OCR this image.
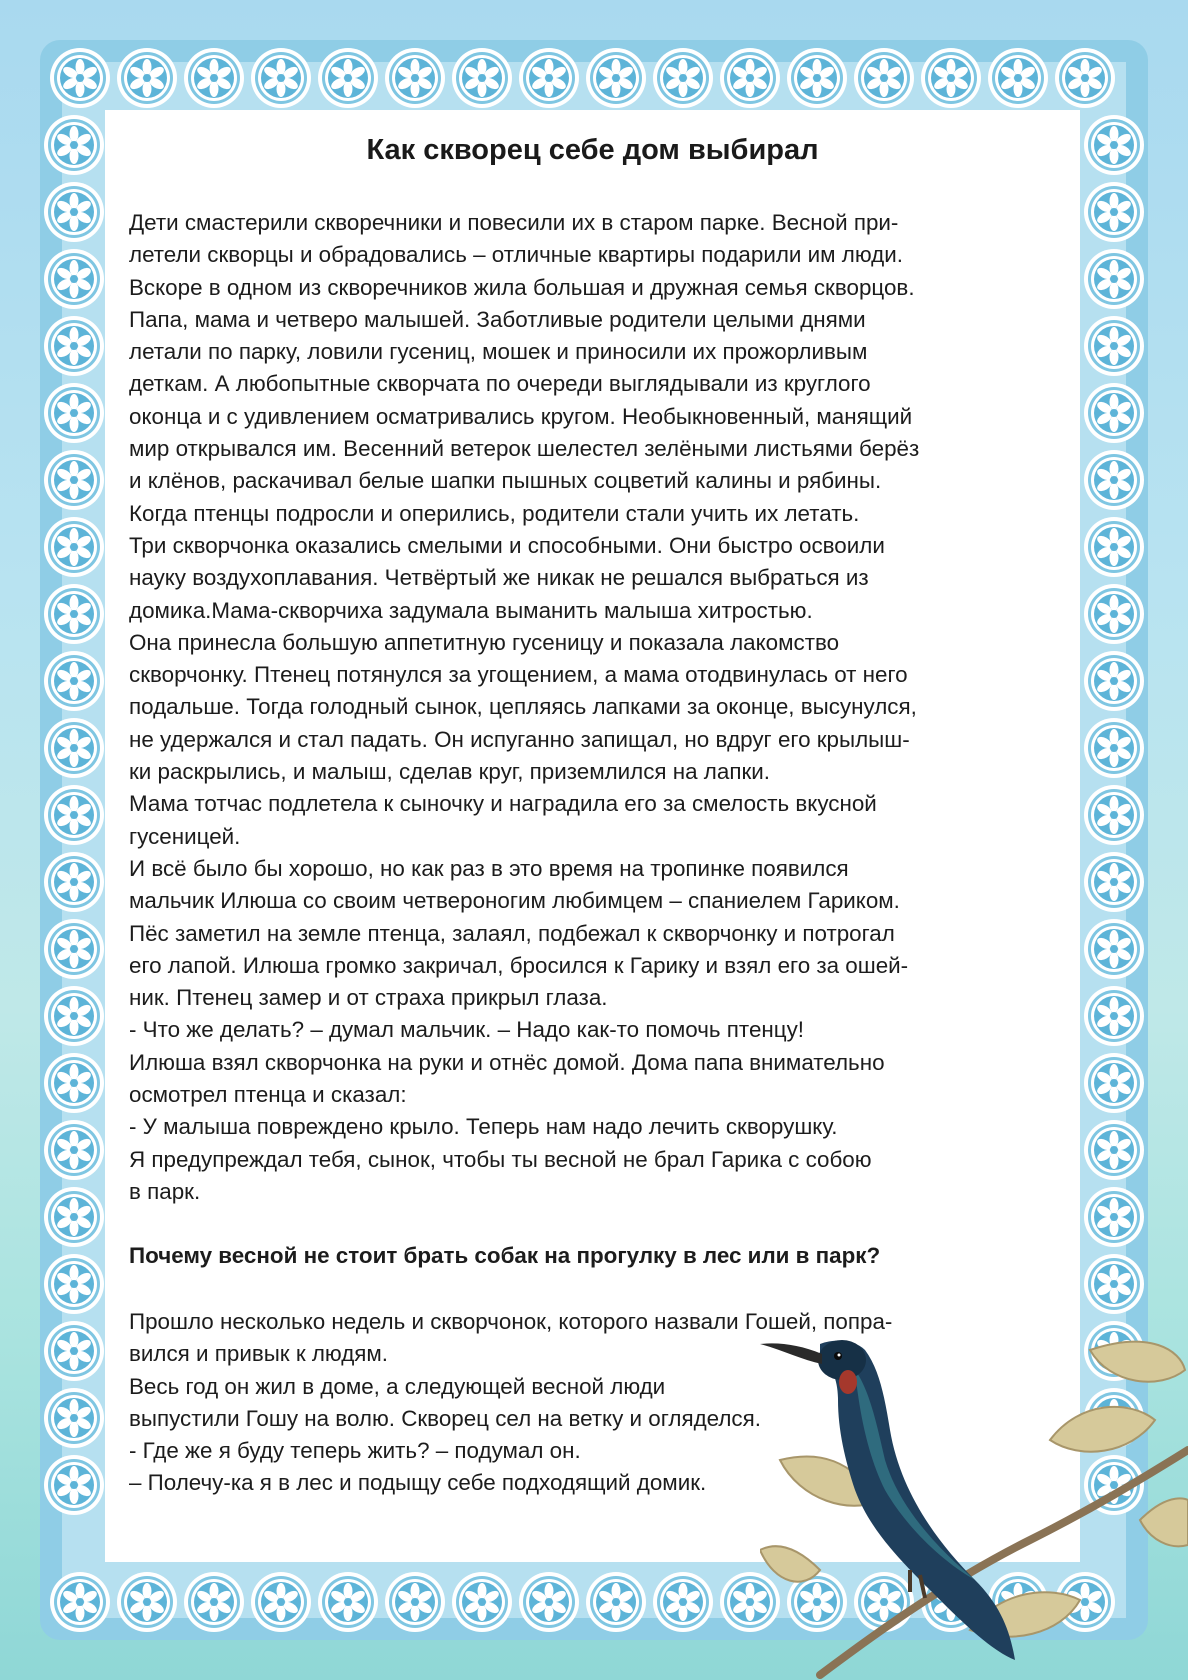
Как скворец себе дом выбирал
Дети смастерили скворечники и повесили их в старом парке. Весной при-
летели скворцы и обрадовались – отличные квартиры подарили им люди.
Вскоре в одном из скворечников жила большая и дружная семья скворцов.
Папа, мама и четверо малышей. Заботливые родители целыми днями
летали по парку, ловили гусениц, мошек и приносили их прожорливым
деткам. А любопытные скворчата по очереди выглядывали из круглого
оконца и с удивлением осматривались кругом. Необыкновенный, манящий
мир открывался им. Весенний ветерок шелестел зелёными листьями берёз
и клёнов, раскачивал белые шапки пышных соцветий калины и рябины.
Когда птенцы подросли и оперились, родители стали учить их летать.
Три скворчонка оказались смелыми и способными. Они быстро освоили
науку воздухоплавания. Четвёртый же никак не решался выбраться из
домика.Мама-скворчиха задумала выманить малыша хитростью.
Она принесла большую аппетитную гусеницу и показала лакомство
скворчонку. Птенец потянулся за угощением, а мама отодвинулась от него
подальше. Тогда голодный сынок, цепляясь лапками за оконце, высунулся,
не удержался и стал падать. Он испуганно запищал, но вдруг его крылыш-
ки раскрылись, и малыш, сделав круг, приземлился на лапки.
Мама тотчас подлетела к сыночку и наградила его за смелость вкусной
гусеницей.
И всё было бы хорошо, но как раз в это время на тропинке появился
мальчик Илюша со своим четвероногим любимцем – спаниелем Гариком.
Пёс заметил на земле птенца, залаял, подбежал к скворчонку и потрогал
его лапой. Илюша громко закричал, бросился к Гарику и взял его за ошей-
ник. Птенец замер и от страха прикрыл глаза.
- Что же делать? – думал мальчик. – Надо как-то помочь птенцу!
Илюша взял скворчонка на руки и отнёс домой. Дома папа внимательно
осмотрел птенца и сказал:
- У малыша повреждено крыло. Теперь нам надо лечить скворушку.
Я предупреждал тебя, сынок, чтобы ты весной не брал Гарика с собою
в парк.
Почему весной не стоит брать собак на прогулку в лес или в парк?
Прошло несколько недель и скворчонок, которого назвали Гошей, попра-
вился и привык к людям.
Весь год он жил в доме, а следующей весной люди
выпустили Гошу на волю. Скворец сел на ветку и огляделся.
- Где же я буду теперь жить? – подумал он.
– Полечу-ка я в лес и подыщу себе подходящий домик.
